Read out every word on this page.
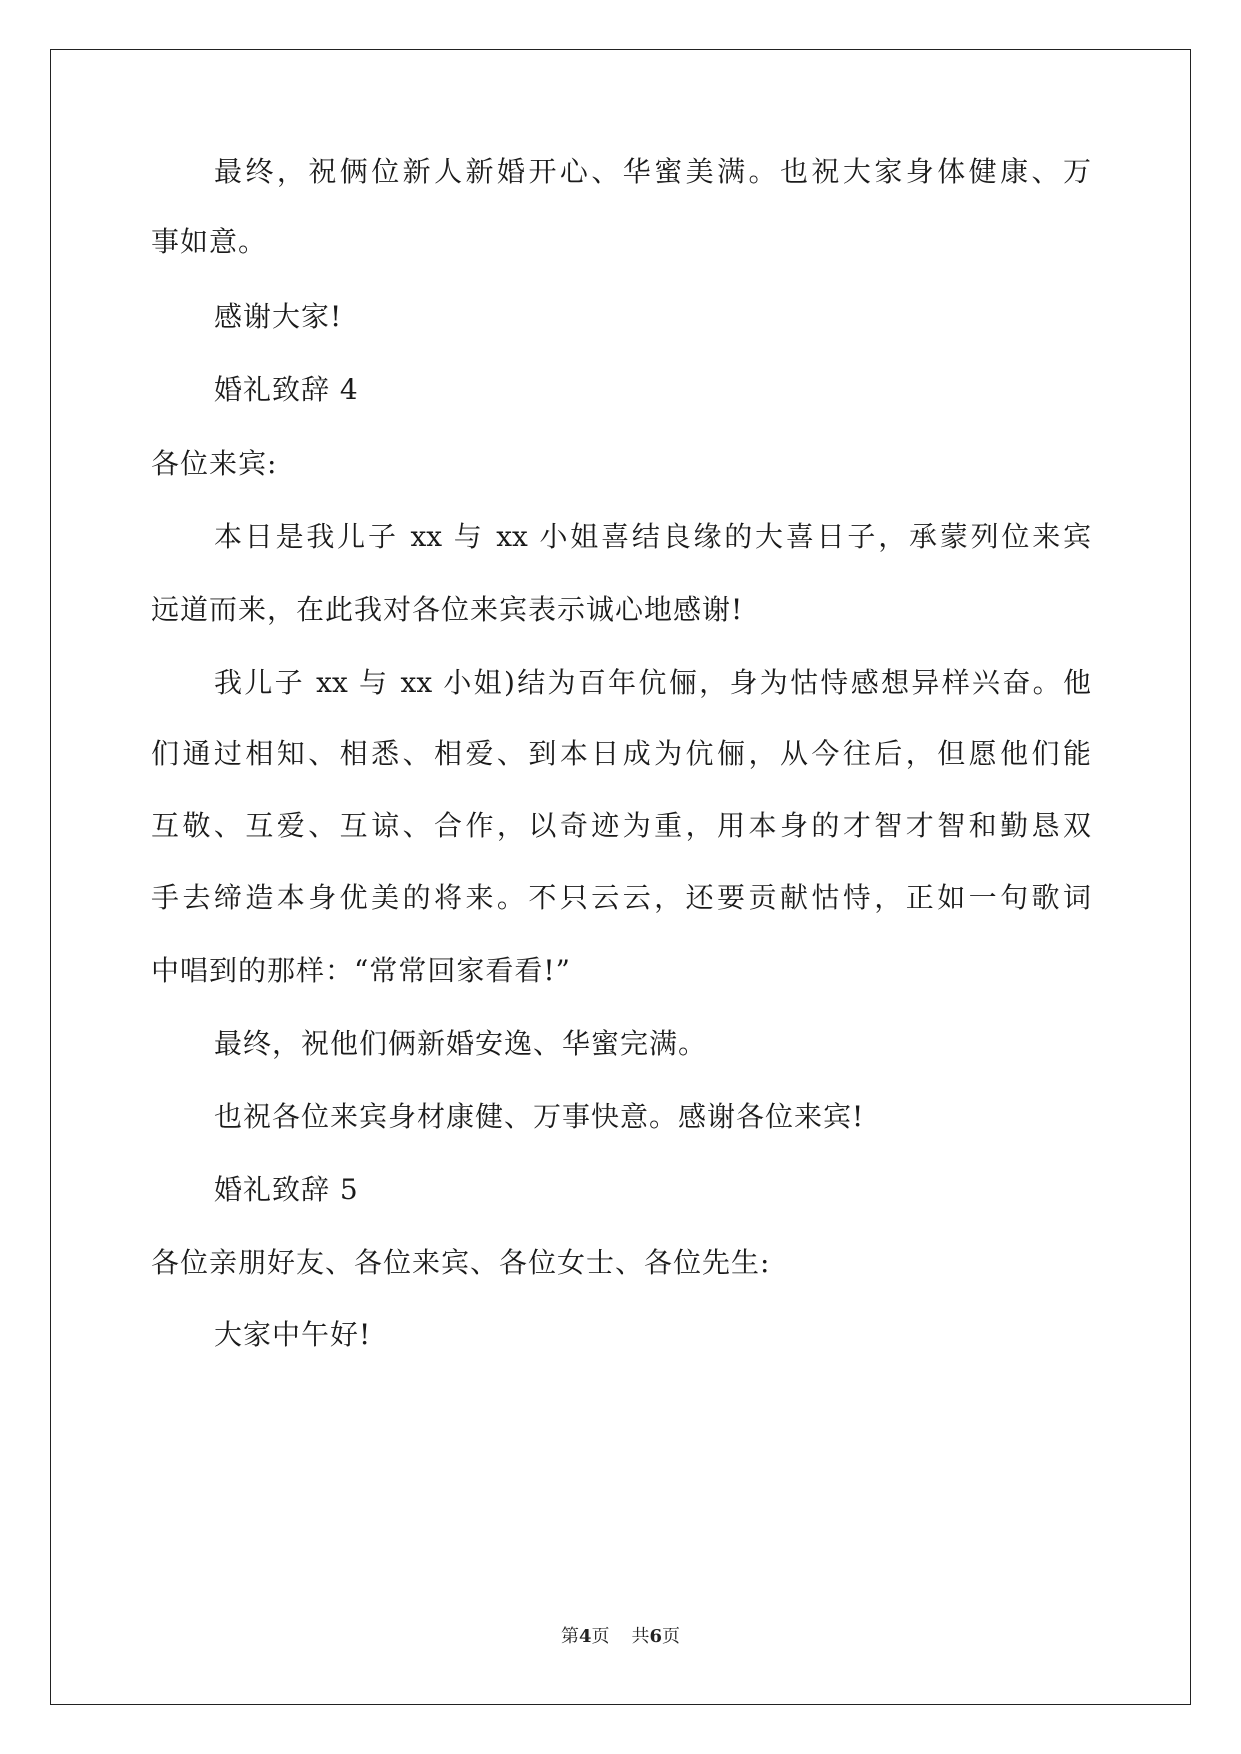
最终，祝俩位新人新婚开心、华蜜美满。也祝大家身体健康、万
事如意。
感谢大家!
婚礼致辞 4
各位来宾:
本日是我儿子 xx 与 xx 小姐喜结良缘的大喜日子，承蒙列位来宾
远道而来，在此我对各位来宾表示诚心地感谢!
我儿子 xx 与 xx 小姐)结为百年伉俪，身为怙恃感想异样兴奋。他
们通过相知、相悉、相爱、到本日成为伉俪，从今往后，但愿他们能
互敬、互爱、互谅、合作，以奇迹为重，用本身的才智才智和勤恳双
手去缔造本身优美的将来。不只云云，还要贡献怙恃，正如一句歌词
中唱到的那样：“常常回家看看!”
最终，祝他们俩新婚安逸、华蜜完满。
也祝各位来宾身材康健、万事快意。感谢各位来宾!
婚礼致辞 5
各位亲朋好友、各位来宾、各位女士、各位先生:
大家中午好!
第4页 共6页
